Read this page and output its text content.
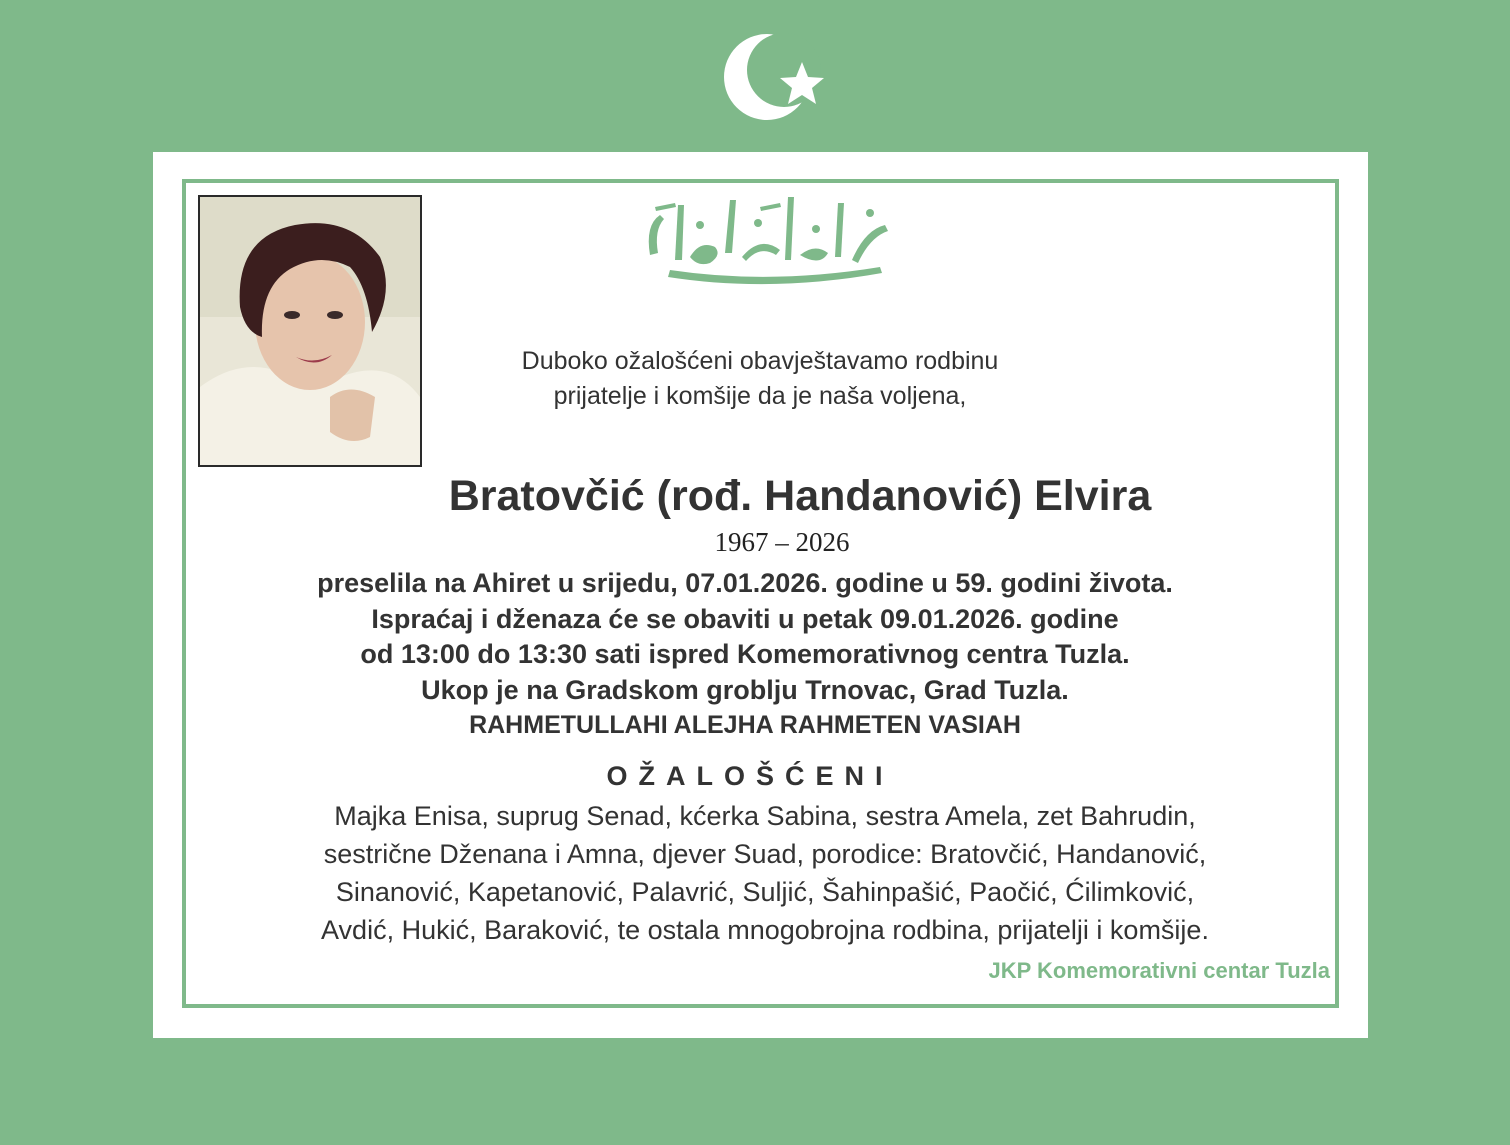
Duboko ožalošćeni obavještavamo rodbinu
prijatelje i komšije da je naša voljena,
Bratovčić (rođ. Handanović) Elvira
1967 – 2026
preselila na Ahiret u srijedu, 07.01.2026. godine u 59. godini života.
Ispraćaj i dženaza će se obaviti u petak 09.01.2026. godine
od 13:00 do 13:30 sati ispred Komemorativnog centra Tuzla.
Ukop je na Gradskom groblju Trnovac, Grad Tuzla.
RAHMETULLAHI ALEJHA RAHMETEN VASIAH
OŽALOŠĆENI
Majka Enisa, suprug Senad, kćerka Sabina, sestra Amela, zet Bahrudin,
sestrične Dženana i Amna, djever Suad, porodice: Bratovčić, Handanović,
Sinanović, Kapetanović, Palavrić, Suljić, Šahinpašić, Paočić, Ćilimković,
Avdić, Hukić, Baraković, te ostala mnogobrojna rodbina, prijatelji i komšije.
JKP Komemorativni centar Tuzla
